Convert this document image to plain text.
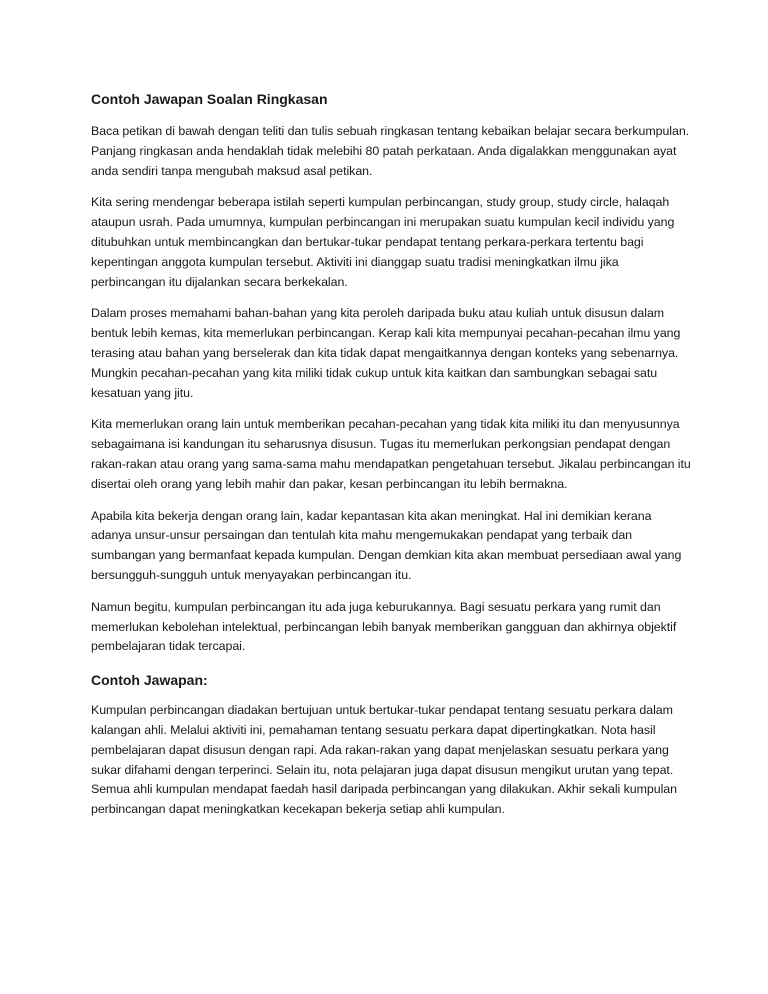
Contoh Jawapan Soalan Ringkasan

Baca petikan di bawah dengan teliti dan tulis sebuah ringkasan tentang kebaikan belajar secara berkumpulan. Panjang ringkasan anda hendaklah tidak melebihi 80 patah perkataan. Anda digalakkan menggunakan ayat anda sendiri tanpa mengubah maksud asal petikan.

Kita sering mendengar beberapa istilah seperti kumpulan perbincangan, study group, study circle, halaqah ataupun usrah. Pada umumnya, kumpulan perbincangan ini merupakan suatu kumpulan kecil individu yang ditubuhkan untuk membincangkan dan bertukar-tukar pendapat tentang perkara-perkara tertentu bagi kepentingan anggota kumpulan tersebut. Aktiviti ini dianggap suatu tradisi meningkatkan ilmu jika perbincangan itu dijalankan secara berkekalan.

Dalam proses memahami bahan-bahan yang kita peroleh daripada buku atau kuliah untuk disusun dalam bentuk lebih kemas, kita memerlukan perbincangan. Kerap kali kita mempunyai pecahan-pecahan ilmu yang terasing atau bahan yang berselerak dan kita tidak dapat mengaitkannya dengan konteks yang sebenarnya. Mungkin pecahan-pecahan yang kita miliki tidak cukup untuk kita kaitkan dan sambungkan sebagai satu kesatuan yang jitu.

Kita memerlukan orang lain untuk memberikan pecahan-pecahan yang tidak kita miliki itu dan menyusunnya sebagaimana isi kandungan itu seharusnya disusun. Tugas itu memerlukan perkongsian pendapat dengan rakan-rakan atau orang yang sama-sama mahu mendapatkan pengetahuan tersebut. Jikalau perbincangan itu disertai oleh orang yang lebih mahir dan pakar, kesan perbincangan itu lebih bermakna.

Apabila kita bekerja dengan orang lain, kadar kepantasan kita akan meningkat. Hal ini demikian kerana adanya unsur-unsur persaingan dan tentulah kita mahu mengemukakan pendapat yang terbaik dan sumbangan yang bermanfaat kepada kumpulan. Dengan demkian kita akan membuat persediaan awal yang bersungguh-sungguh untuk menyayakan perbincangan itu.

Namun begitu, kumpulan perbincangan itu ada juga keburukannya. Bagi sesuatu perkara yang rumit dan memerlukan kebolehan intelektual, perbincangan lebih banyak memberikan gangguan dan akhirnya objektif pembelajaran tidak tercapai.

Contoh Jawapan:

Kumpulan perbincangan diadakan bertujuan untuk bertukar-tukar pendapat tentang sesuatu perkara dalam kalangan ahli. Melalui aktiviti ini, pemahaman tentang sesuatu perkara dapat dipertingkatkan. Nota hasil pembelajaran dapat disusun dengan rapi. Ada rakan-rakan yang dapat menjelaskan sesuatu perkara yang sukar difahami dengan terperinci. Selain itu, nota pelajaran juga dapat disusun mengikut urutan yang tepat. Semua ahli kumpulan mendapat faedah hasil daripada perbincangan yang dilakukan. Akhir sekali kumpulan perbincangan dapat meningkatkan kecekapan bekerja setiap ahli kumpulan.
